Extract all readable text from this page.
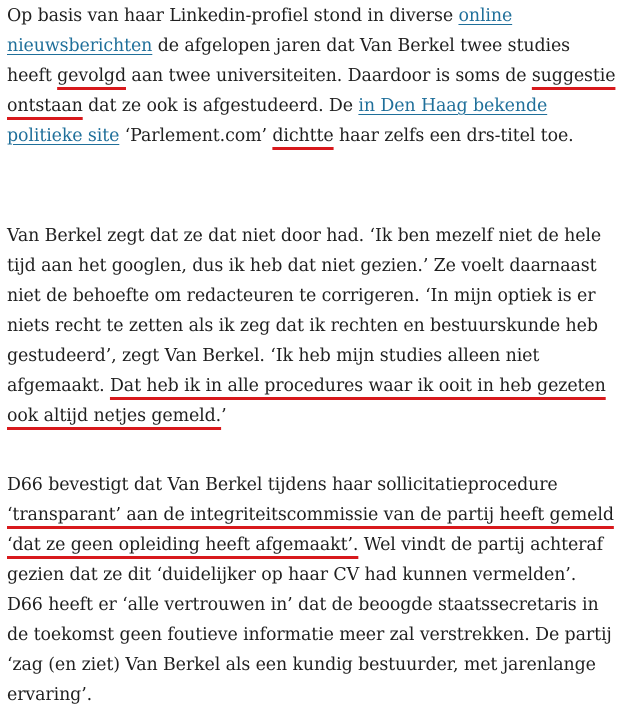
Op basis van haar Linkedin-profiel stond in diverse online nieuwsberichten de afgelopen jaren dat Van Berkel twee studies heeft gevolgd aan twee universiteiten. Daardoor is soms de suggestie ontstaan dat ze ook is afgestudeerd. De in Den Haag bekende politieke site ‘Parlement.com’ dichtte haar zelfs een drs-titel toe.

Van Berkel zegt dat ze dat niet door had. ‘Ik ben mezelf niet de hele tijd aan het googlen, dus ik heb dat niet gezien.’ Ze voelt daarnaast niet de behoefte om redacteuren te corrigeren. ‘In mijn optiek is er niets recht te zetten als ik zeg dat ik rechten en bestuurskunde heb gestudeerd’, zegt Van Berkel. ‘Ik heb mijn studies alleen niet afgemaakt. Dat heb ik in alle procedures waar ik ooit in heb gezeten ook altijd netjes gemeld.’

D66 bevestigt dat Van Berkel tijdens haar sollicitatieprocedure ‘transparant’ aan de integriteitscommissie van de partij heeft gemeld ‘dat ze geen opleiding heeft afgemaakt’. Wel vindt de partij achteraf gezien dat ze dit ‘duidelijker op haar CV had kunnen vermelden’. D66 heeft er ‘alle vertrouwen in’ dat de beoogde staatssecretaris in de toekomst geen foutieve informatie meer zal verstrekken. De partij ‘zag (en ziet) Van Berkel als een kundig bestuurder, met jarenlange ervaring’.
